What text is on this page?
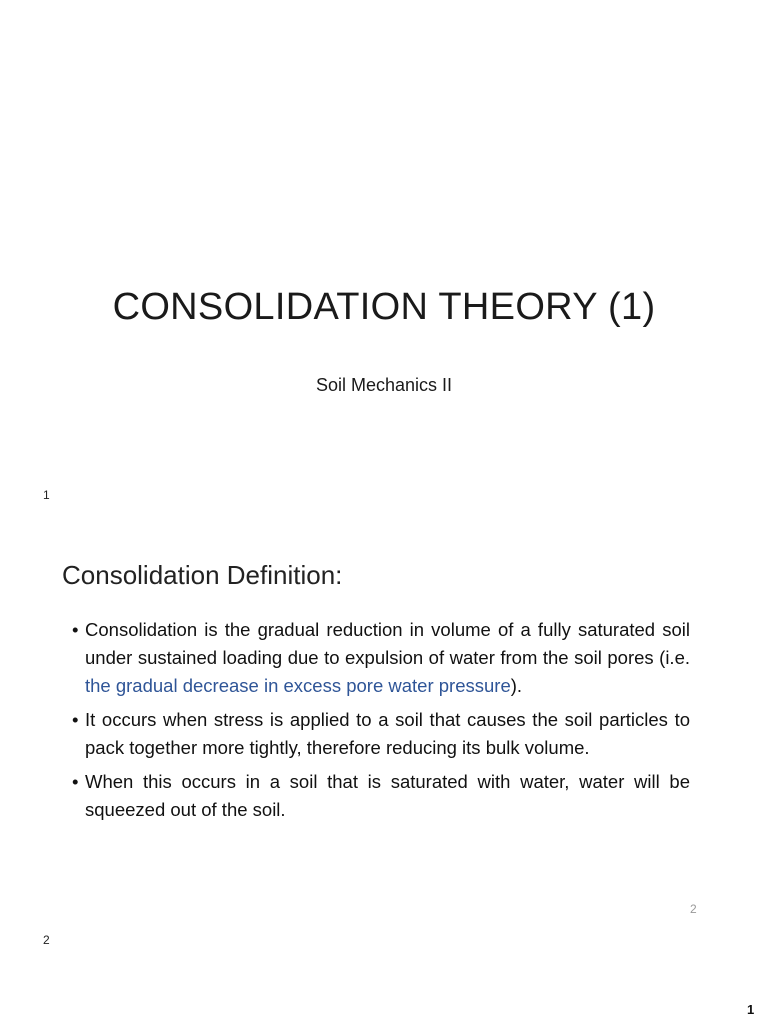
CONSOLIDATION THEORY (1)
Soil Mechanics II
1
Consolidation Definition:
• Consolidation is the gradual reduction in volume of a fully saturated soil under sustained loading due to expulsion of water from the soil pores (i.e. the gradual decrease in excess pore water pressure).
• It occurs when stress is applied to a soil that causes the soil particles to pack together more tightly, therefore reducing its bulk volume.
• When this occurs in a soil that is saturated with water, water will be squeezed out of the soil.
2
2
1
